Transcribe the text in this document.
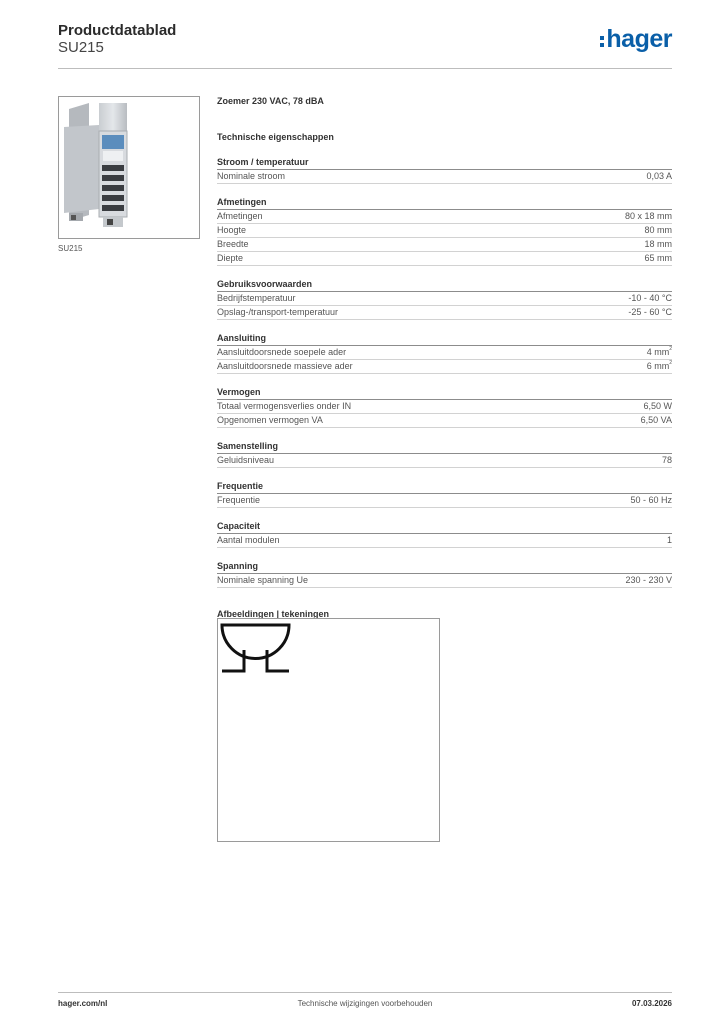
Productdatablad
SU215	hager
SU215
Zoemer 230 VAC, 78 dBA
Technische eigenschappen
Stroom / temperatuur
Nominale stroom	0,03 A
Afmetingen
Afmetingen	80 x 18 mm
Hoogte	80 mm
Breedte	18 mm
Diepte	65 mm
Gebruiksvoorwaarden
Bedrijfstemperatuur	-10 - 40 °C
Opslag-/transport-temperatuur	-25 - 60 °C
Aansluiting
Aansluitdoorsnede soepele ader	4 $mm^2$
Aansluitdoorsnede massieve ader	6 $mm^2$
Vermogen
Totaal vermogensverlies onder IN	6,50 W
Opgenomen vermogen VA	6,50 VA
Samenstelling
Geluidsniveau	78
Frequentie
Frequentie	50 - 60 Hz
Capaciteit
Aantal modulen	1
Spanning
Nominale spanning Ue	230 - 230 V
Afbeeldingen | tekeningen
hager.com/nl	Technische wijzigingen voorbehouden	07.03.2026
